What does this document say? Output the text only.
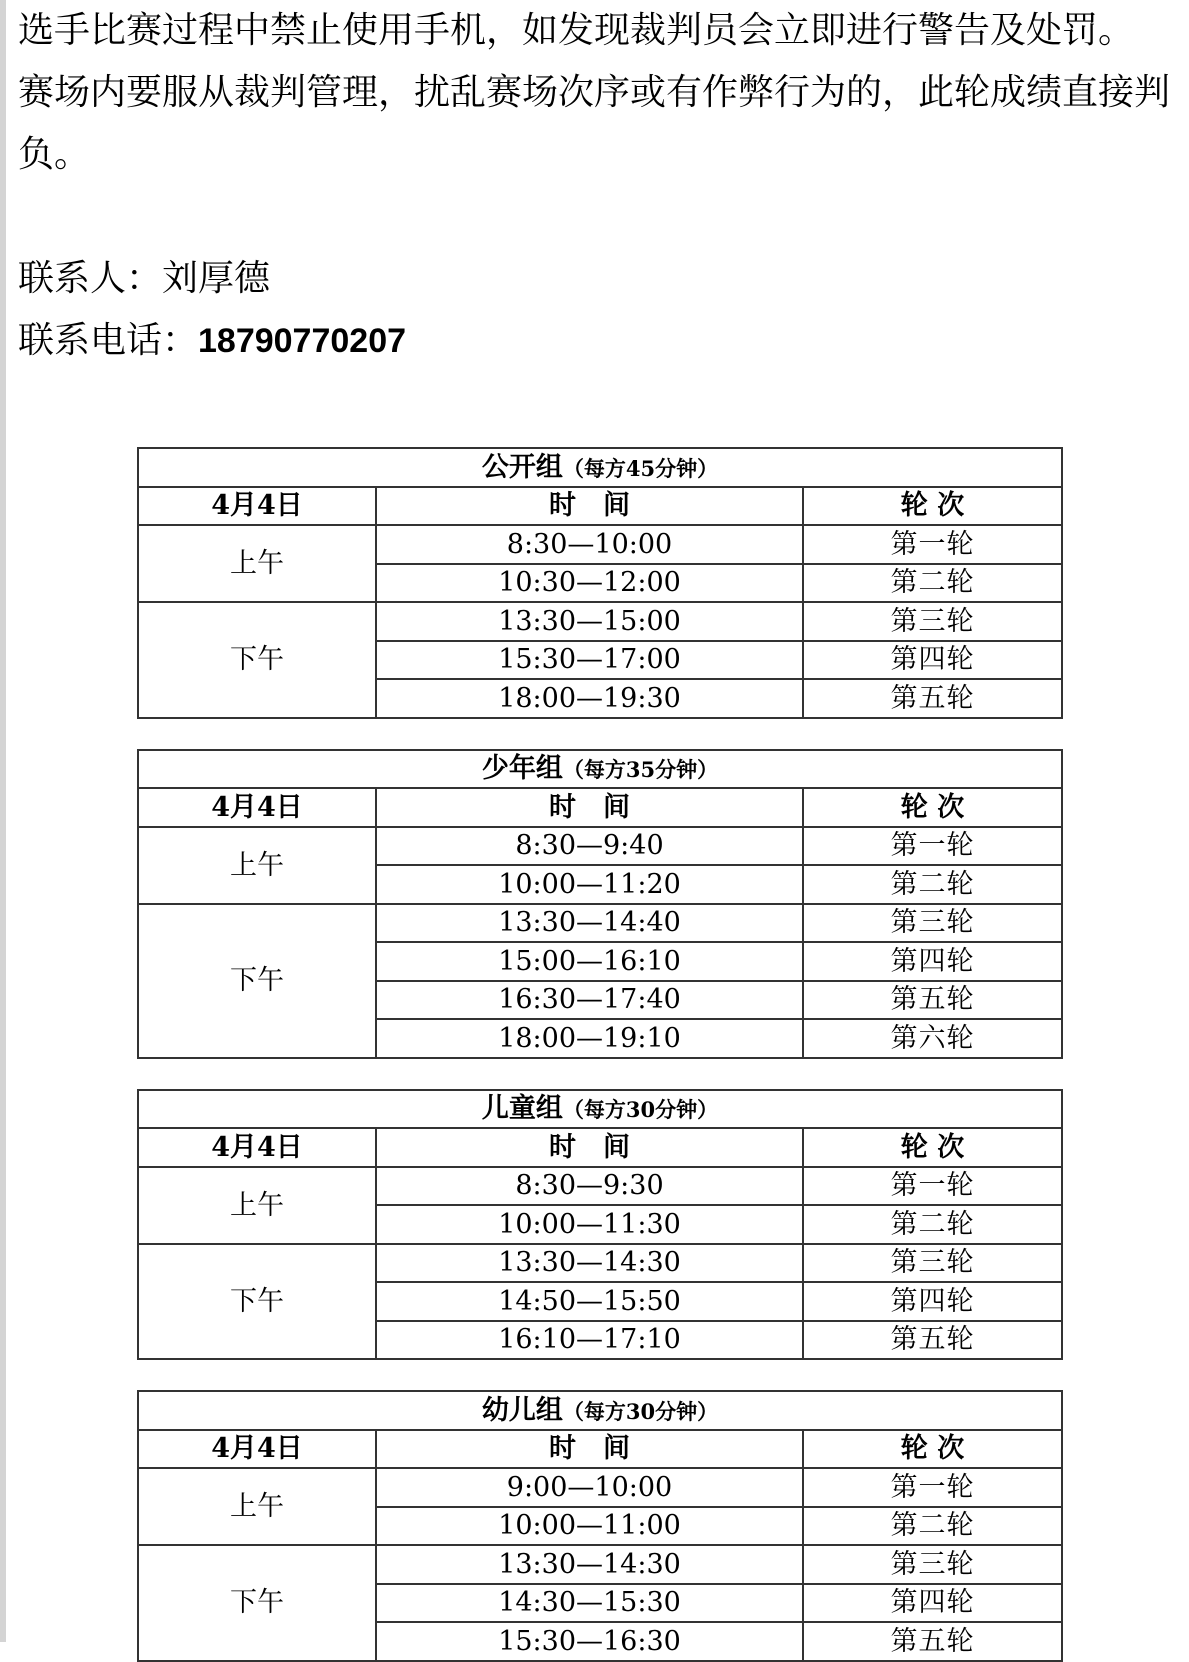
选手比赛过程中禁止使用手机，如发现裁判员会立即进行警告及处罚。

赛场内要服从裁判管理，扰乱赛场次序或有作弊行为的，此轮成绩直接判负。

联系人：刘厚德

联系电话：18790770207

公开组（每方45分钟）		
4月4日	时　间	轮 次
上午	8:30—10:00	第一轮
	10:30—12:00	第二轮
下午	13:30—15:00	第三轮
	15:30—17:00	第四轮
	18:00—19:30	第五轮
少年组（每方35分钟）		
4月4日	时　间	轮 次
上午	8:30—9:40	第一轮
	10:00—11:20	第二轮
下午	13:30—14:40	第三轮
	15:00—16:10	第四轮
	16:30—17:40	第五轮
	18:00—19:10	第六轮
儿童组（每方30分钟）		
4月4日	时　间	轮 次
上午	8:30—9:30	第一轮
	10:00—11:30	第二轮
下午	13:30—14:30	第三轮
	14:50—15:50	第四轮
	16:10—17:10	第五轮
幼儿组（每方30分钟）		
4月4日	时　间	轮 次
上午	9:00—10:00	第一轮
	10:00—11:00	第二轮
下午	13:30—14:30	第三轮
	14:30—15:30	第四轮
	15:30—16:30	第五轮
